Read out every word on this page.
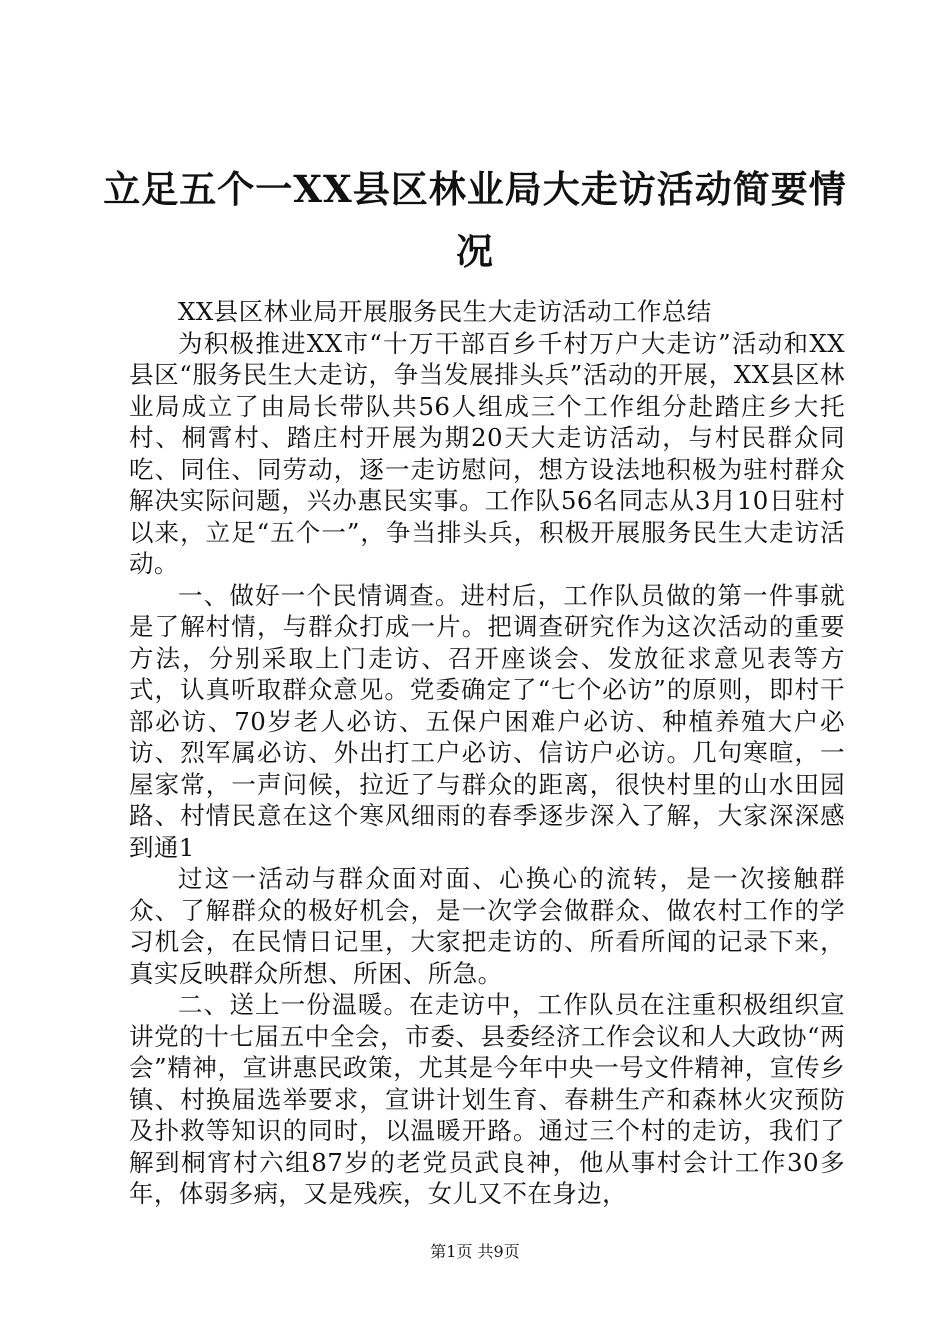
立足五个一XX县区林业局大走访活动简要情况

XX县区林业局开展服务民生大走访活动工作总结

为积极推进XX市“十万干部百乡千村万户大走访”活动和XX县区“服务民生大走访，争当发展排头兵”活动的开展，XX县区林业局成立了由局长带队共56人组成三个工作组分赴踏庄乡大托村、桐霄村、踏庄村开展为期20天大走访活动，与村民群众同吃、同住、同劳动，逐一走访慰问，想方设法地积极为驻村群众解决实际问题，兴办惠民实事。工作队56名同志从3月10日驻村以来，立足“五个一”，争当排头兵，积极开展服务民生大走访活动。

一、做好一个民情调查。进村后，工作队员做的第一件事就是了解村情，与群众打成一片。把调查研究作为这次活动的重要方法，分别采取上门走访、召开座谈会、发放征求意见表等方式，认真听取群众意见。党委确定了“七个必访”的原则，即村干部必访、70岁老人必访、五保户困难户必访、种植养殖大户必访、烈军属必访、外出打工户必访、信访户必访。几句寒暄，一屋家常，一声问候，拉近了与群众的距离，很快村里的山水田园路、村情民意在这个寒风细雨的春季逐步深入了解，大家深深感到通1

过这一活动与群众面对面、心换心的流转，是一次接触群众、了解群众的极好机会，是一次学会做群众、做农村工作的学习机会，在民情日记里，大家把走访的、所看所闻的记录下来，真实反映群众所想、所困、所急。

二、送上一份温暖。在走访中，工作队员在注重积极组织宣讲党的十七届五中全会，市委、县委经济工作会议和人大政协“两会”精神，宣讲惠民政策，尤其是今年中央一号文件精神，宣传乡镇、村换届选举要求，宣讲计划生育、春耕生产和森林火灾预防及扑救等知识的同时，以温暖开路。通过三个村的走访，我们了解到桐宵村六组87岁的老党员武良神，他从事村会计工作30多年，体弱多病，又是残疾，女儿又不在身边，

第1页 共9页
